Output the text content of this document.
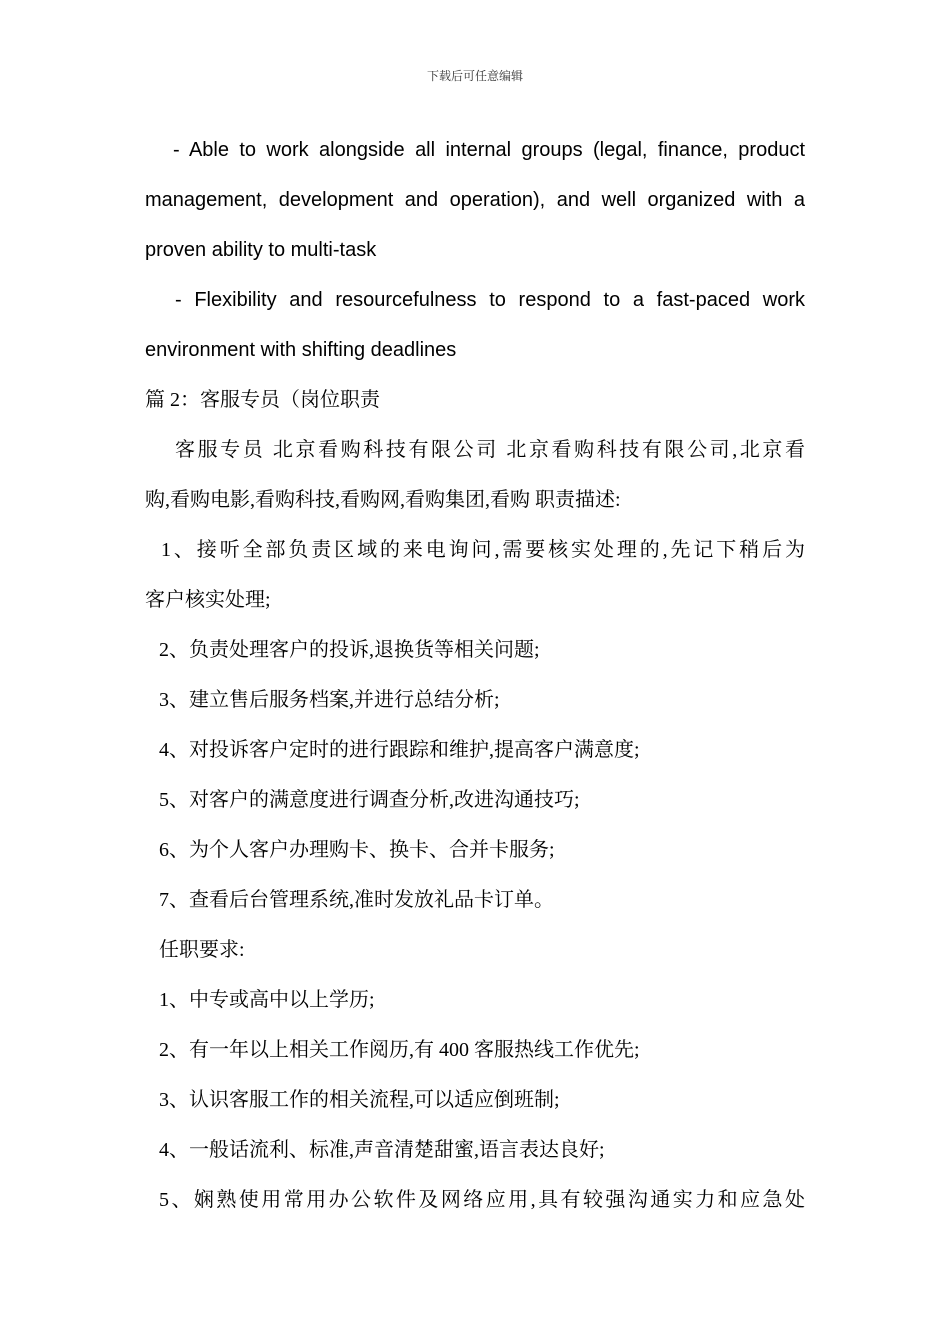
下载后可任意编辑
- Able to work alongside all internal groups (legal, finance, product
management, development and operation), and well organized with a
proven ability to multi-task
- Flexibility and resourcefulness to respond to a fast-paced work
environment with shifting deadlines
篇 2：客服专员（岗位职责
客服专员 北京看购科技有限公司 北京看购科技有限公司,北京看
购,看购电影,看购科技,看购网,看购集团,看购 职责描述:
1、接听全部负责区域的来电询问,需要核实处理的,先记下稍后为
客户核实处理;
2、负责处理客户的投诉,退换货等相关问题;
3、建立售后服务档案,并进行总结分析;
4、对投诉客户定时的进行跟踪和维护,提高客户满意度;
5、对客户的满意度进行调查分析,改进沟通技巧;
6、为个人客户办理购卡、换卡、合并卡服务;
7、查看后台管理系统,准时发放礼品卡订单。
任职要求:
1、中专或高中以上学历;
2、有一年以上相关工作阅历,有 400 客服热线工作优先;
3、认识客服工作的相关流程,可以适应倒班制;
4、一般话流利、标准,声音清楚甜蜜,语言表达良好;
5、娴熟使用常用办公软件及网络应用,具有较强沟通实力和应急处
